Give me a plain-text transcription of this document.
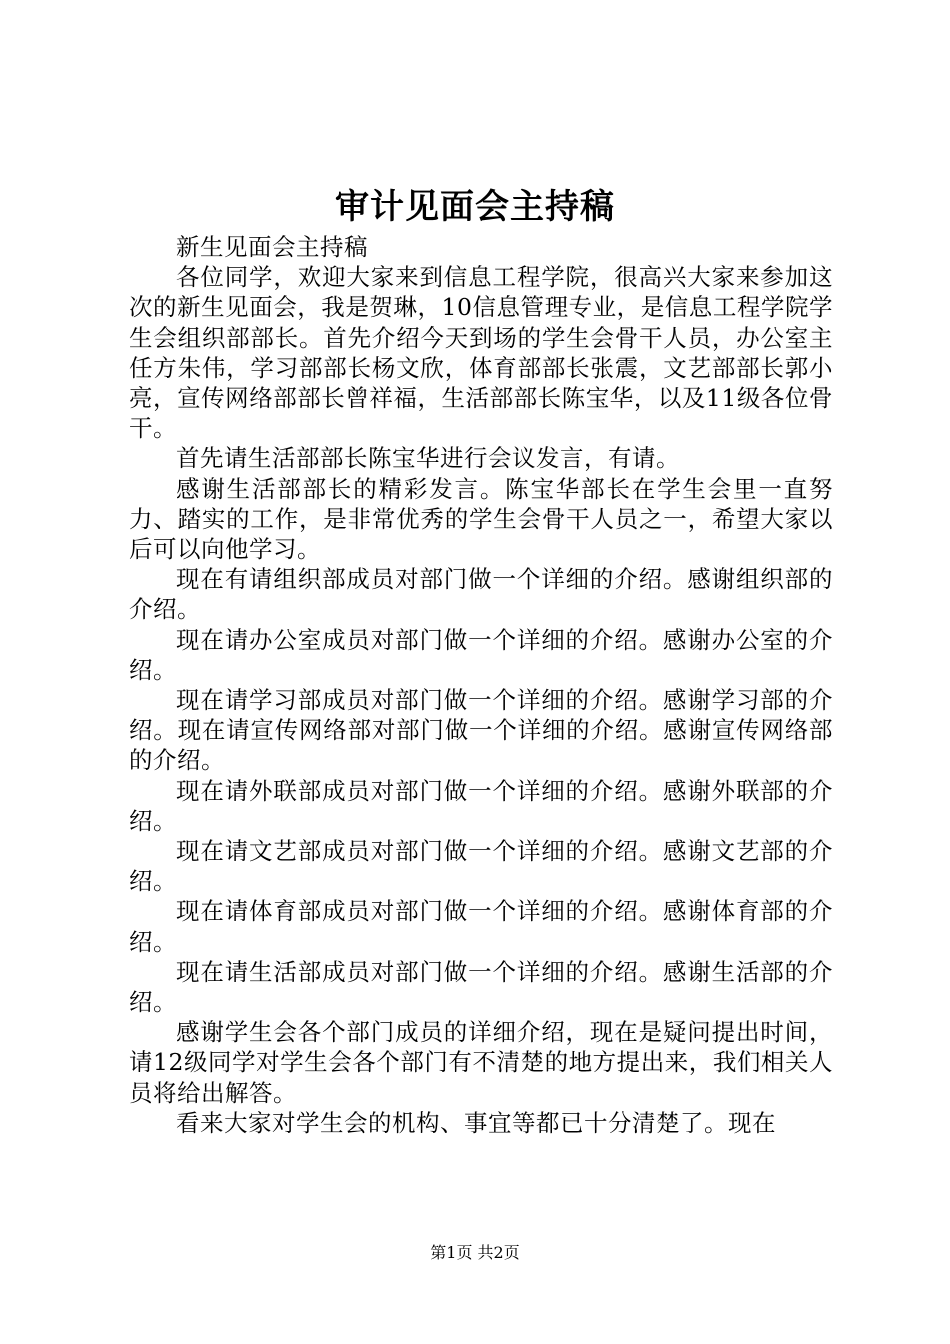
审计见面会主持稿

新生见面会主持稿

各位同学，欢迎大家来到信息工程学院，很高兴大家来参加这次的新生见面会，我是贺琳，10信息管理专业，是信息工程学院学生会组织部部长。首先介绍今天到场的学生会骨干人员，办公室主任方朱伟，学习部部长杨文欣，体育部部长张震，文艺部部长郭小亮，宣传网络部部长曾祥福，生活部部长陈宝华，以及11级各位骨干。

首先请生活部部长陈宝华进行会议发言，有请。

感谢生活部部长的精彩发言。陈宝华部长在学生会里一直努力、踏实的工作，是非常优秀的学生会骨干人员之一，希望大家以后可以向他学习。

现在有请组织部成员对部门做一个详细的介绍。感谢组织部的介绍。

现在请办公室成员对部门做一个详细的介绍。感谢办公室的介绍。

现在请学习部成员对部门做一个详细的介绍。感谢学习部的介绍。现在请宣传网络部对部门做一个详细的介绍。感谢宣传网络部的介绍。

现在请外联部成员对部门做一个详细的介绍。感谢外联部的介绍。

现在请文艺部成员对部门做一个详细的介绍。感谢文艺部的介绍。

现在请体育部成员对部门做一个详细的介绍。感谢体育部的介绍。

现在请生活部成员对部门做一个详细的介绍。感谢生活部的介绍。

感谢学生会各个部门成员的详细介绍，现在是疑问提出时间，请12级同学对学生会各个部门有不清楚的地方提出来，我们相关人员将给出解答。

看来大家对学生会的机构、事宜等都已十分清楚了。现在

第1页 共2页
